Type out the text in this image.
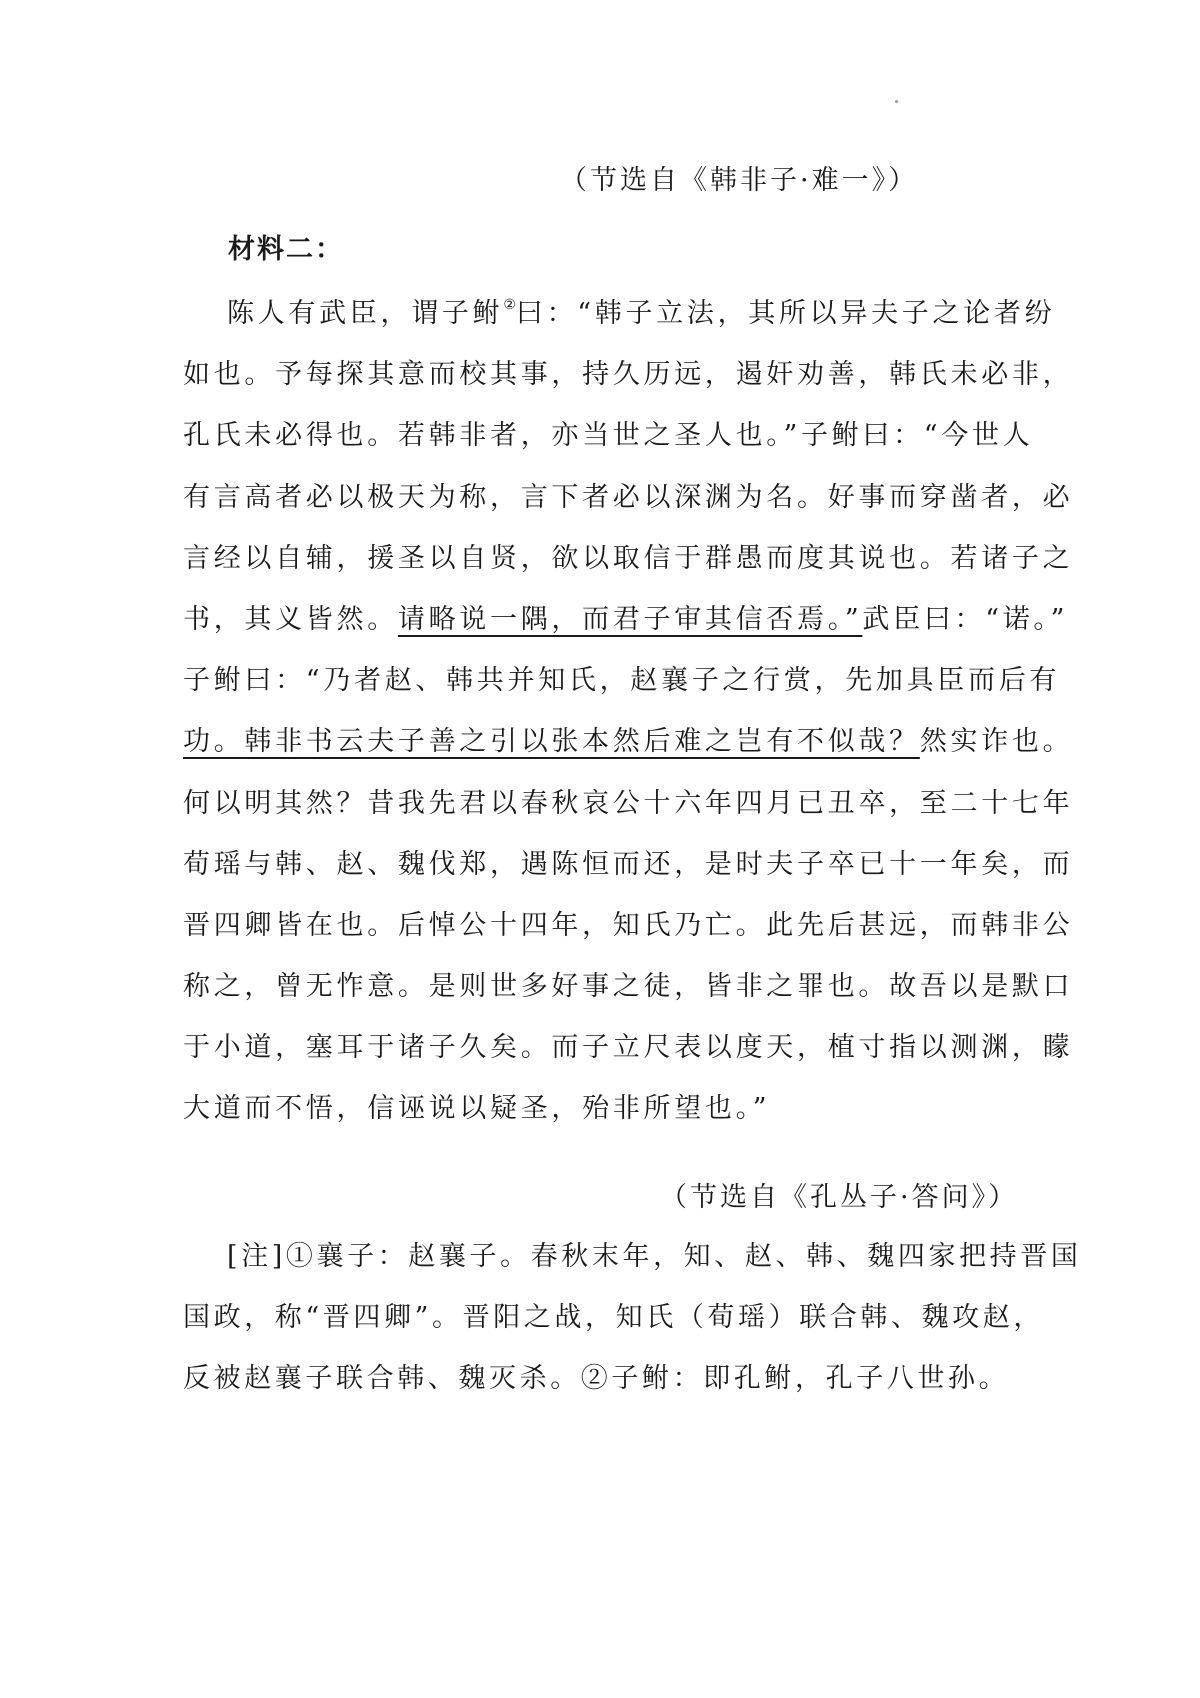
（节选自《韩非子·难一》）
材料二：
陈人有武臣，谓子鲋②曰：“韩子立法，其所以异夫子之论者纷
如也。予每探其意而校其事，持久历远，遏奸劝善，韩氏未必非，
孔氏未必得也。若韩非者，亦当世之圣人也。”子鲋曰：“今世人
有言高者必以极天为称，言下者必以深渊为名。好事而穿凿者，必
言经以自辅，援圣以自贤，欲以取信于群愚而度其说也。若诸子之
书，其义皆然。请略说一隅，而君子审其信否焉。”武臣曰：“诺。”
子鲋曰：“乃者赵、韩共并知氏，赵襄子之行赏，先加具臣而后有
功。韩非书云夫子善之引以张本然后难之岂有不似哉？然实诈也。
何以明其然？昔我先君以春秋哀公十六年四月已丑卒，至二十七年
荀瑶与韩、赵、魏伐郑，遇陈恒而还，是时夫子卒已十一年矣，而
晋四卿皆在也。后悼公十四年，知氏乃亡。此先后甚远，而韩非公
称之，曾无怍意。是则世多好事之徒，皆非之罪也。故吾以是默口
于小道，塞耳于诸子久矣。而子立尺表以度天，植寸指以测渊，矇
大道而不悟，信诬说以疑圣，殆非所望也。”
（节选自《孔丛子·答问》）
[注]①襄子：赵襄子。春秋末年，知、赵、韩、魏四家把持晋国
国政，称“晋四卿”。晋阳之战，知氏（荀瑶）联合韩、魏攻赵，
反被赵襄子联合韩、魏灭杀。②子鲋：即孔鲋，孔子八世孙。
